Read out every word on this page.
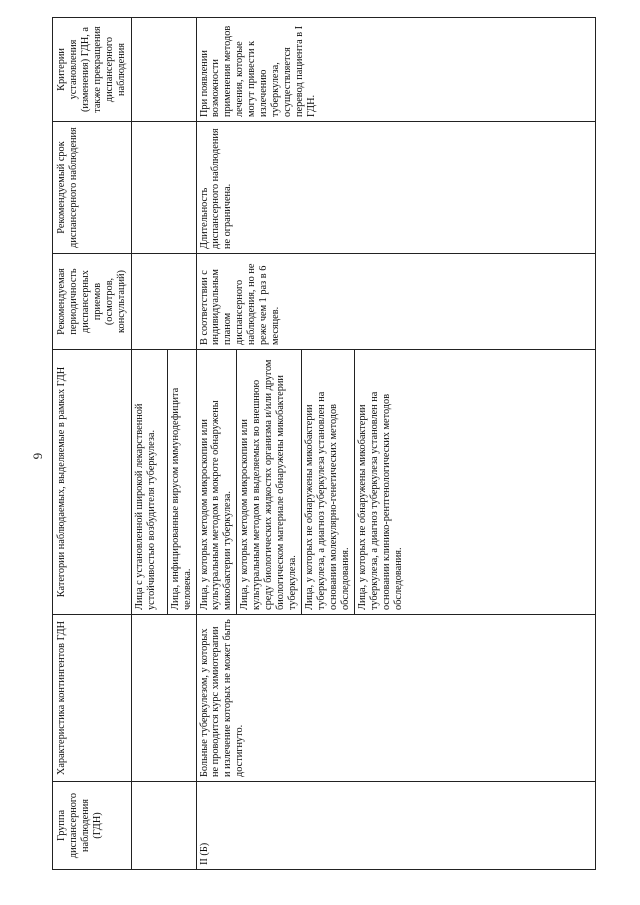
6
Группа диспансерного наблюдения (ГДН)	Характеристика контингентов ГДН	Категории наблюдаемых, выделяемые в рамках ГДН	Рекомендуемая периодичность диспансерных приемов (осмотров, консультаций)	Рекомендуемый срок диспансерного наблюдения	Критерии установления (изменения) ГДН, а также прекращения диспансерного наблюдения
		Лица с установленной широкой лекарственной устойчивостью возбудителя туберкулеза.			
		Лица, инфицированные вирусом иммунодефицита человека.			
II (Б)	Больные туберкулезом, у которых не проводится курс химиотерапии и излечение которых не может быть достигнуто.	Лица, у которых методом микроскопии или культуральным методом в мокроте обнаружены микобактерии туберкулеза.	В соответствии с индивидуальным планом диспансерного наблюдения, но не реже чем 1 раз в 6 месяцев.	Длительность диспансерного наблюдения не ограничена.	При появлении возможности применения методов лечения, которые могут привести к излечению туберкулеза, осуществляется перевод пациента в I ГДН.
		Лица, у которых методом микроскопии или культуральным методом в выделяемых во внешнюю среду биологических жидкостях организма и/или другом биологическом материале обнаружены микобактерии туберкулеза.			
		Лица, у которых не обнаружены микобактерии туберкулеза, а диагноз туберкулеза установлен на основании молекулярно-генетических методов обследования.			
		Лица, у которых не обнаружены микобактерии туберкулеза, а диагноз туберкулеза установлен на основании клинико-рентгенологических методов обследования.			
